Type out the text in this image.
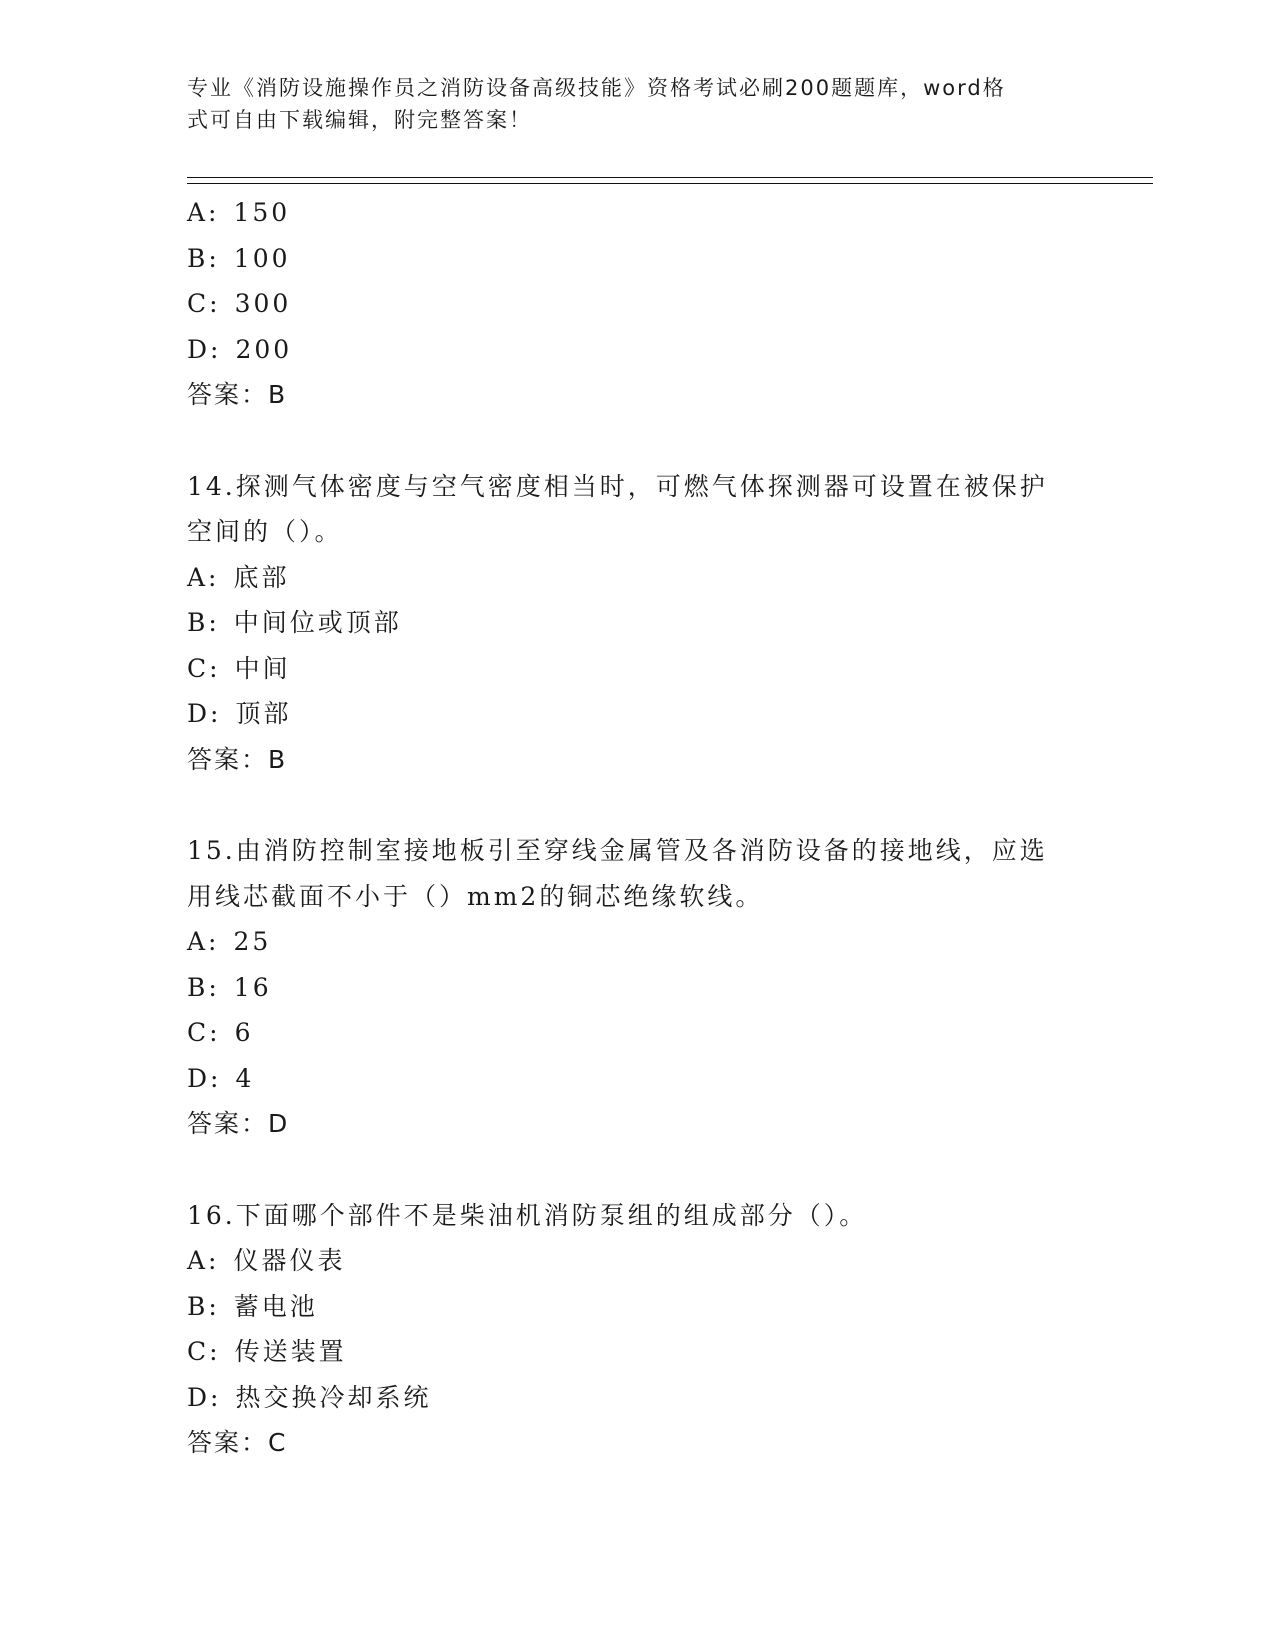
专业《消防设施操作员之消防设备高级技能》资格考试必刷200题题库，word格
式可自由下载编辑，附完整答案！
A: 150
B: 100
C: 300
D: 200
答案：B
14.探测气体密度与空气密度相当时，可燃气体探测器可设置在被保护
空间的（）。
A: 底部
B: 中间位或顶部
C: 中间
D: 顶部
答案：B
15.由消防控制室接地板引至穿线金属管及各消防设备的接地线，应选
用线芯截面不小于（）mm2的铜芯绝缘软线。
A: 25
B: 16
C: 6
D: 4
答案：D
16.下面哪个部件不是柴油机消防泵组的组成部分（）。
A: 仪器仪表
B: 蓄电池
C: 传送装置
D: 热交换冷却系统
答案：C
